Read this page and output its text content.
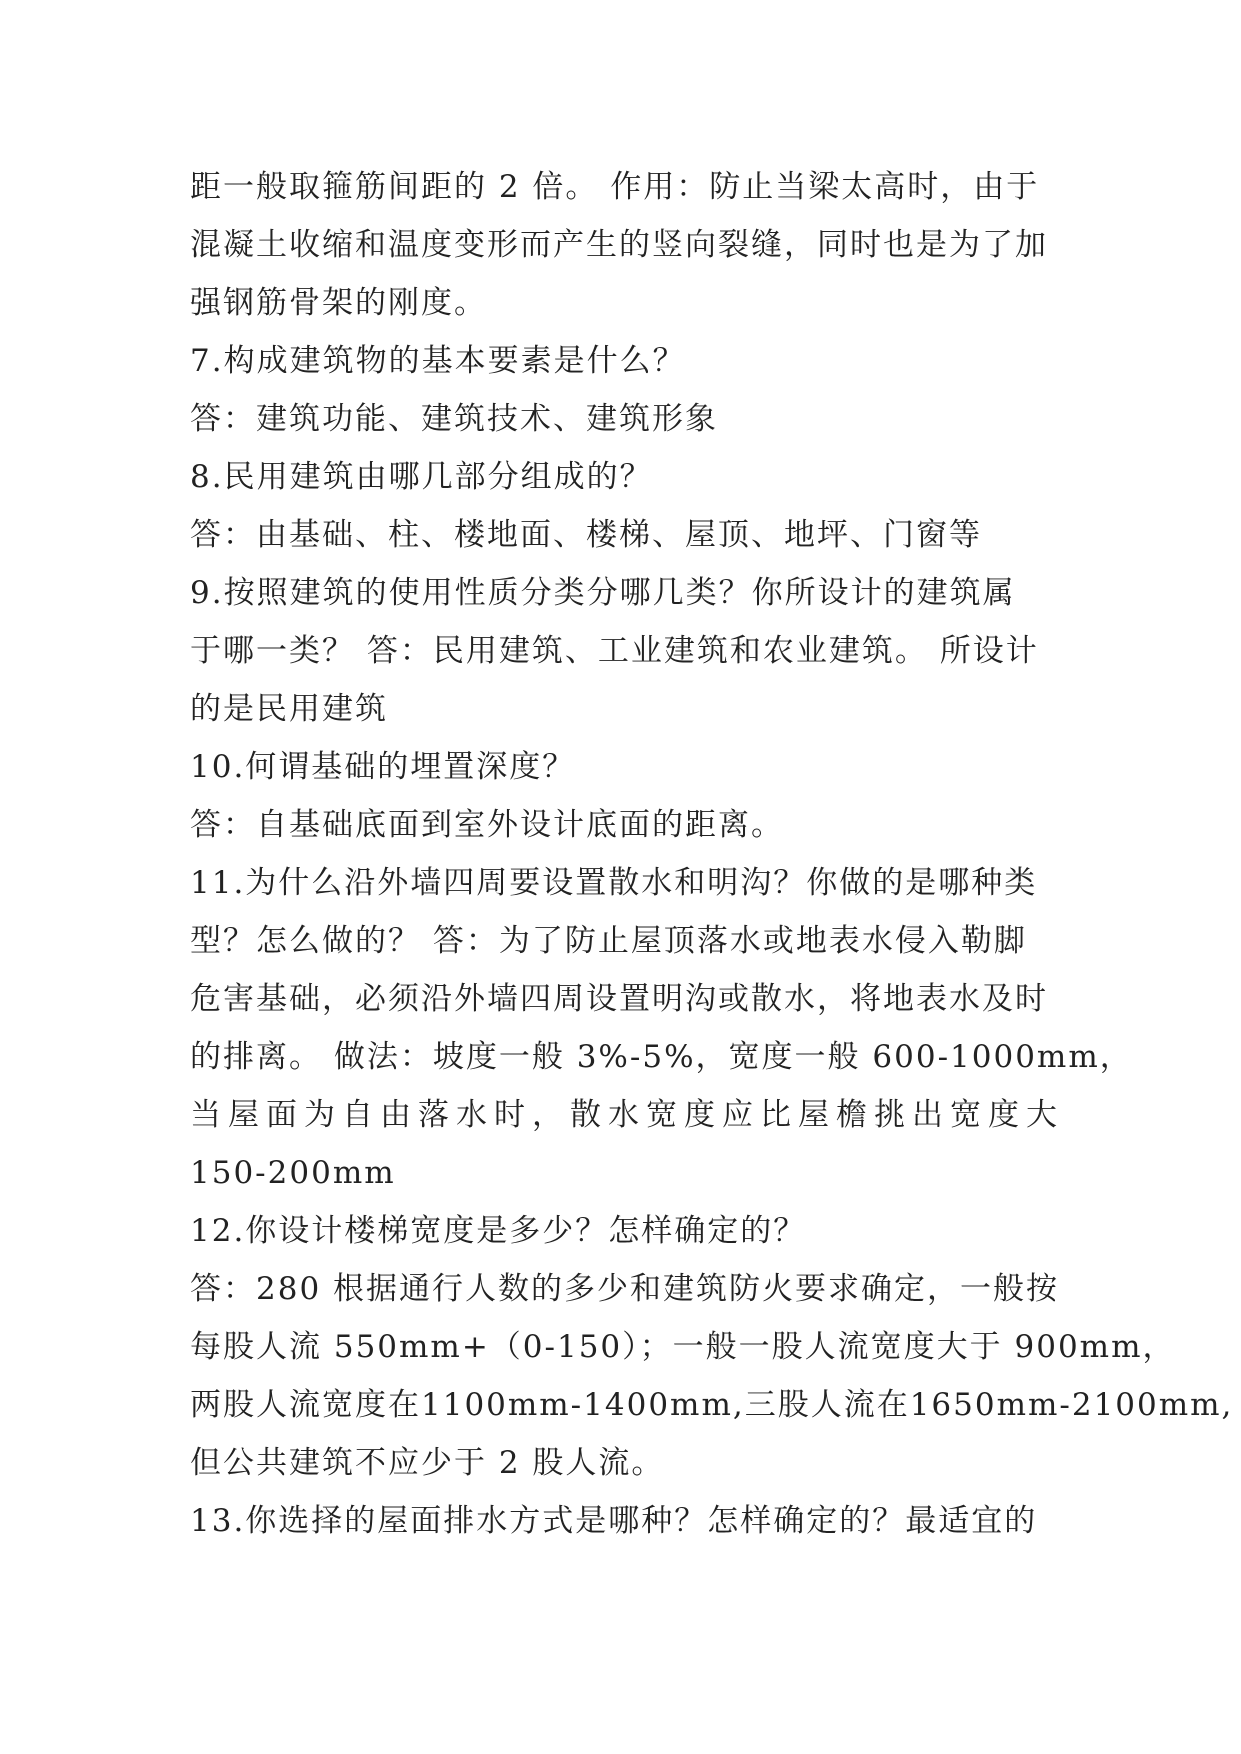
距一般取箍筋间距的 2 倍。 作用：防止当梁太高时，由于
混凝土收缩和温度变形而产生的竖向裂缝，同时也是为了加
强钢筋骨架的刚度。
7.构成建筑物的基本要素是什么？
答：建筑功能、建筑技术、建筑形象
8.民用建筑由哪几部分组成的？
答：由基础、柱、楼地面、楼梯、屋顶、地坪、门窗等
9.按照建筑的使用性质分类分哪几类？你所设计的建筑属
于哪一类？ 答：民用建筑、工业建筑和农业建筑。 所设计
的是民用建筑
10.何谓基础的埋置深度？
答：自基础底面到室外设计底面的距离。
11.为什么沿外墙四周要设置散水和明沟？你做的是哪种类
型？怎么做的？ 答：为了防止屋顶落水或地表水侵入勒脚
危害基础，必须沿外墙四周设置明沟或散水，将地表水及时
的排离。 做法：坡度一般 3%-5%，宽度一般 600-1000mm，
当屋面为自由落水时，散水宽度应比屋檐挑出宽度大
150-200mm
12.你设计楼梯宽度是多少？怎样确定的？
答：280 根据通行人数的多少和建筑防火要求确定，一般按
每股人流 550mm+（0-150）；一般一股人流宽度大于 900mm，
两股人流宽度在1100mm-1400mm,三股人流在1650mm-2100mm,
但公共建筑不应少于 2 股人流。
13.你选择的屋面排水方式是哪种？怎样确定的？最适宜的
